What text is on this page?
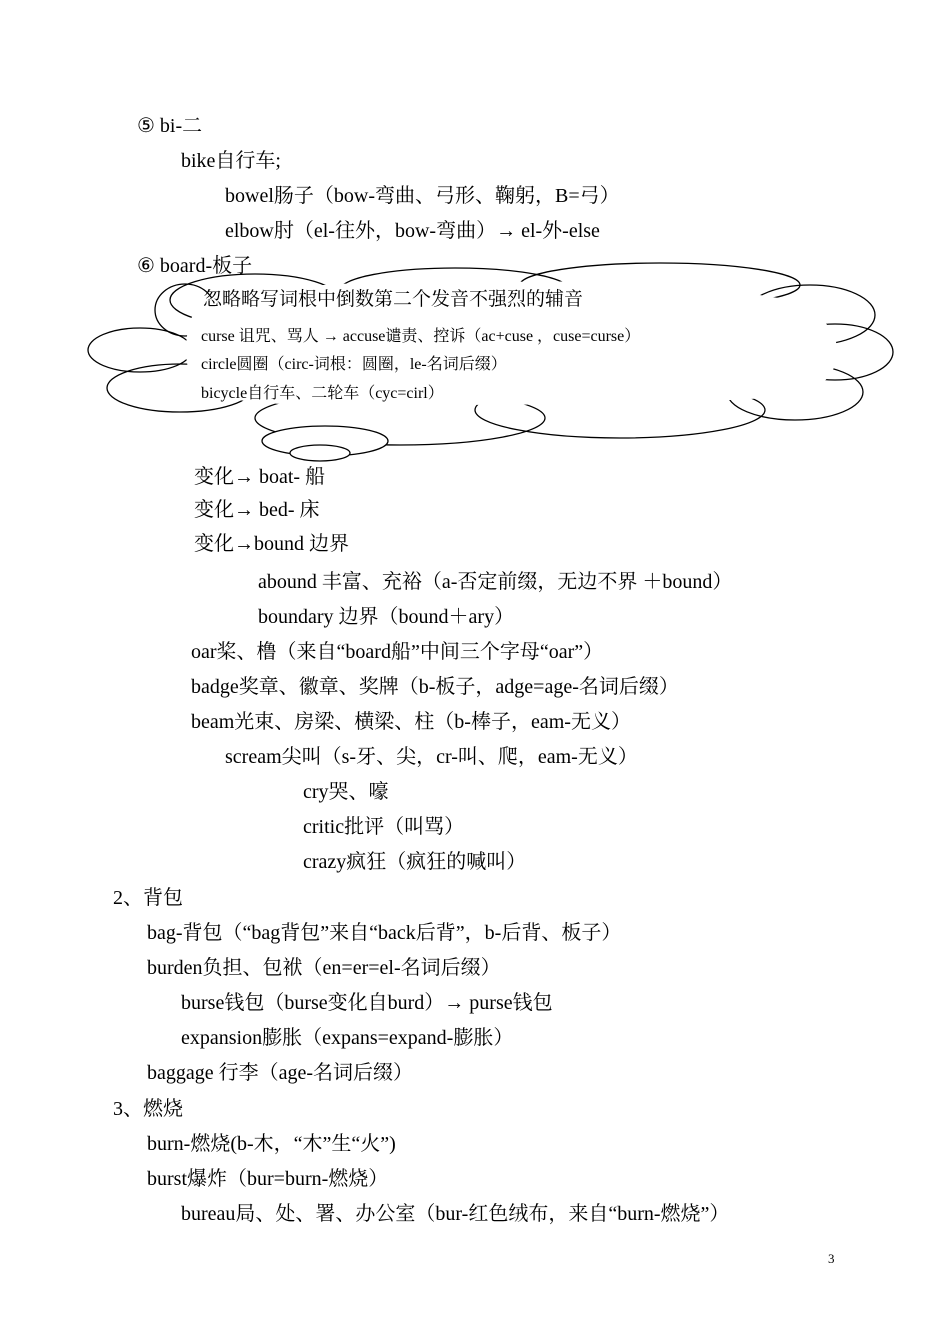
⑤ bi-二
bike自行车;
bowel肠子（bow-弯曲、弓形、鞠躬，B=弓）
elbow肘（el-往外，bow-弯曲）→ el-外-else
⑥ board-板子
忽略略写词根中倒数第二个发音不强烈的辅音
curse 诅咒、骂人 → accuse谴责、控诉（ac+cuse ，cuse=curse）
circle圆圈（circ-词根：圆圈，le-名词后缀）
bicycle自行车、二轮车（cyc=cirl）
变化→ boat- 船
变化→ bed- 床
变化→bound 边界
abound 丰富、充裕（a-否定前缀，无边不界 ＋bound）
boundary 边界（bound＋ary）
oar桨、橹（来自“board船”中间三个字母“oar”）
badge奖章、徽章、奖牌（b-板子，adge=age-名词后缀）
beam光束、房梁、横梁、柱（b-棒子，eam-无义）
scream尖叫（s-牙、尖，cr-叫、爬，eam-无义）
cry哭、嚎
critic批评（叫骂）
crazy疯狂（疯狂的喊叫）
2、背包
bag-背包（“bag背包”来自“back后背”，b-后背、板子）
burden负担、包袱（en=er=el-名词后缀）
burse钱包（burse变化自burd）→ purse钱包
expansion膨胀（expans=expand-膨胀）
baggage 行李（age-名词后缀）
3、燃烧
burn-燃烧(b-木，“木”生“火”)
burst爆炸（bur=burn-燃烧）
bureau局、处、署、办公室（bur-红色绒布，来自“burn-燃烧”）
3
